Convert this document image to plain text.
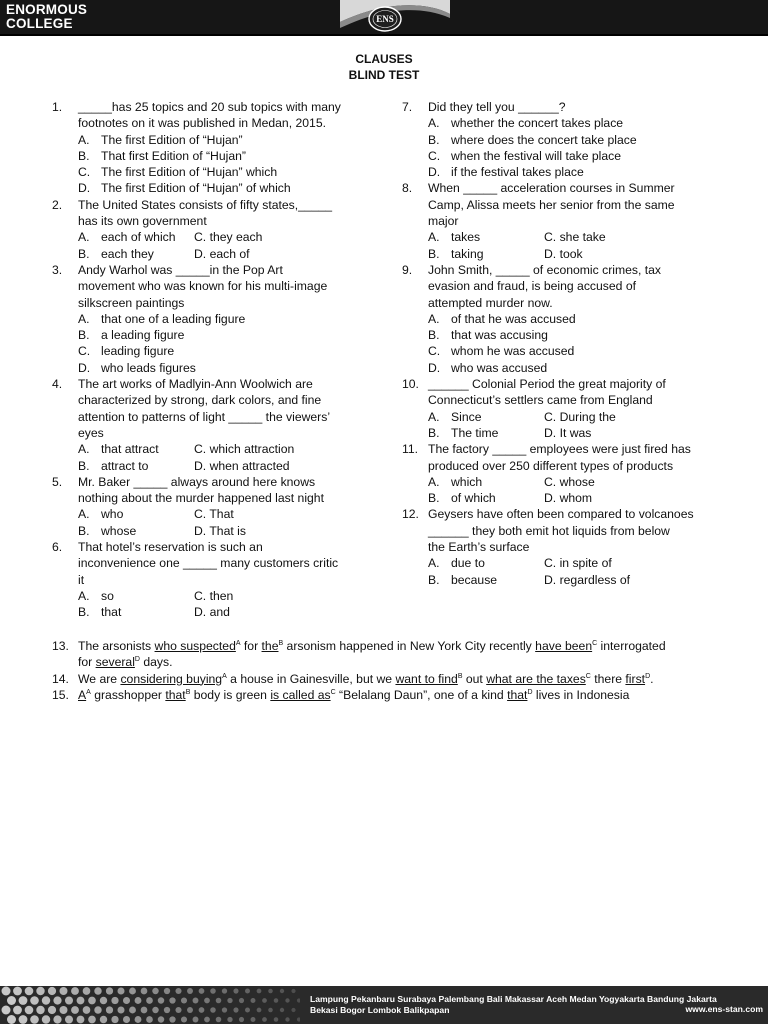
ENORMOUS
COLLEGE	ENS
CLAUSES
BLIND TEST
1.	_____has 25 topics and 20 sub topics with many
footnotes on it was published in Medan, 2015.
A. The first Edition of “Hujan”
B. That first Edition of “Hujan”
C. The first Edition of “Hujan” which
D. The first Edition of “Hujan” of which
2.	The United States consists of fifty states,_____
has its own government
A. each of which C. they each
B. each they	D. each of
3.	Andy Warhol was _____in the Pop Art
movement who was known for his multi-image
silkscreen paintings
A. that one of a leading figure
B. a leading figure
C. leading figure
D. who leads figures
4.	The art works of Madlyin-Ann Woolwich are
characterized by strong, dark colors, and fine
attention to patterns of light _____ the viewers’
eyes
A. that attract	C. which attraction
B. attract to	D. when attracted
5.	Mr. Baker _____ always around here knows
nothing about the murder happened last night
A. who	C. That
B. whose	D. That is
6.	That hotel’s reservation is such an
inconvenience one _____ many customers critic
it
A. so	C. then
B. that	D. and
7.	Did they tell you ______?
A. whether the concert takes place
B. where does the concert take place
C. when the festival will take place
D. if the festival takes place
8.	When _____ acceleration courses in Summer
Camp, Alissa meets her senior from the same
major
A. takes	C. she take
B. taking	D. took
9.	John Smith, _____ of economic crimes, tax
evasion and fraud, is being accused of
attempted murder now.
A. of that he was accused
B. that was accusing
C. whom he was accused
D. who was accused
10. ______ Colonial Period the great majority of
Connecticut’s settlers came from England
A. Since	C. During the
B. The time	D. It was
11. The factory _____ employees were just fired has
produced over 250 different types of products
A. which	C. whose
B. of which	D. whom
12. Geysers have often been compared to volcanoes
______ they both emit hot liquids from below
the Earth’s surface
A. due to	C. in spite of
B. because	D. regardless of
13. The arsonists who suspected$^A$ for the$^B$ arsonism happened in New York City recently have been$^C$ interrogated
for several$^D$ days.
14. We are considering buying$^A$ a house in Gainesville, but we want to find$^B$ out what are the taxes$^C$ there first$^D$.
15. $A^A$ grasshopper that$^B$ body is green is called $as^C$ “Belalang Daun”, one of a kind that$^D$ lives in Indonesia
Lampung Pekanbaru Surabaya Palembang Bali Makassar Aceh Medan Yogyakarta Bandung Jakarta
Bekasi Bogor Lombok Balikpapan	www.ens-stan.com
